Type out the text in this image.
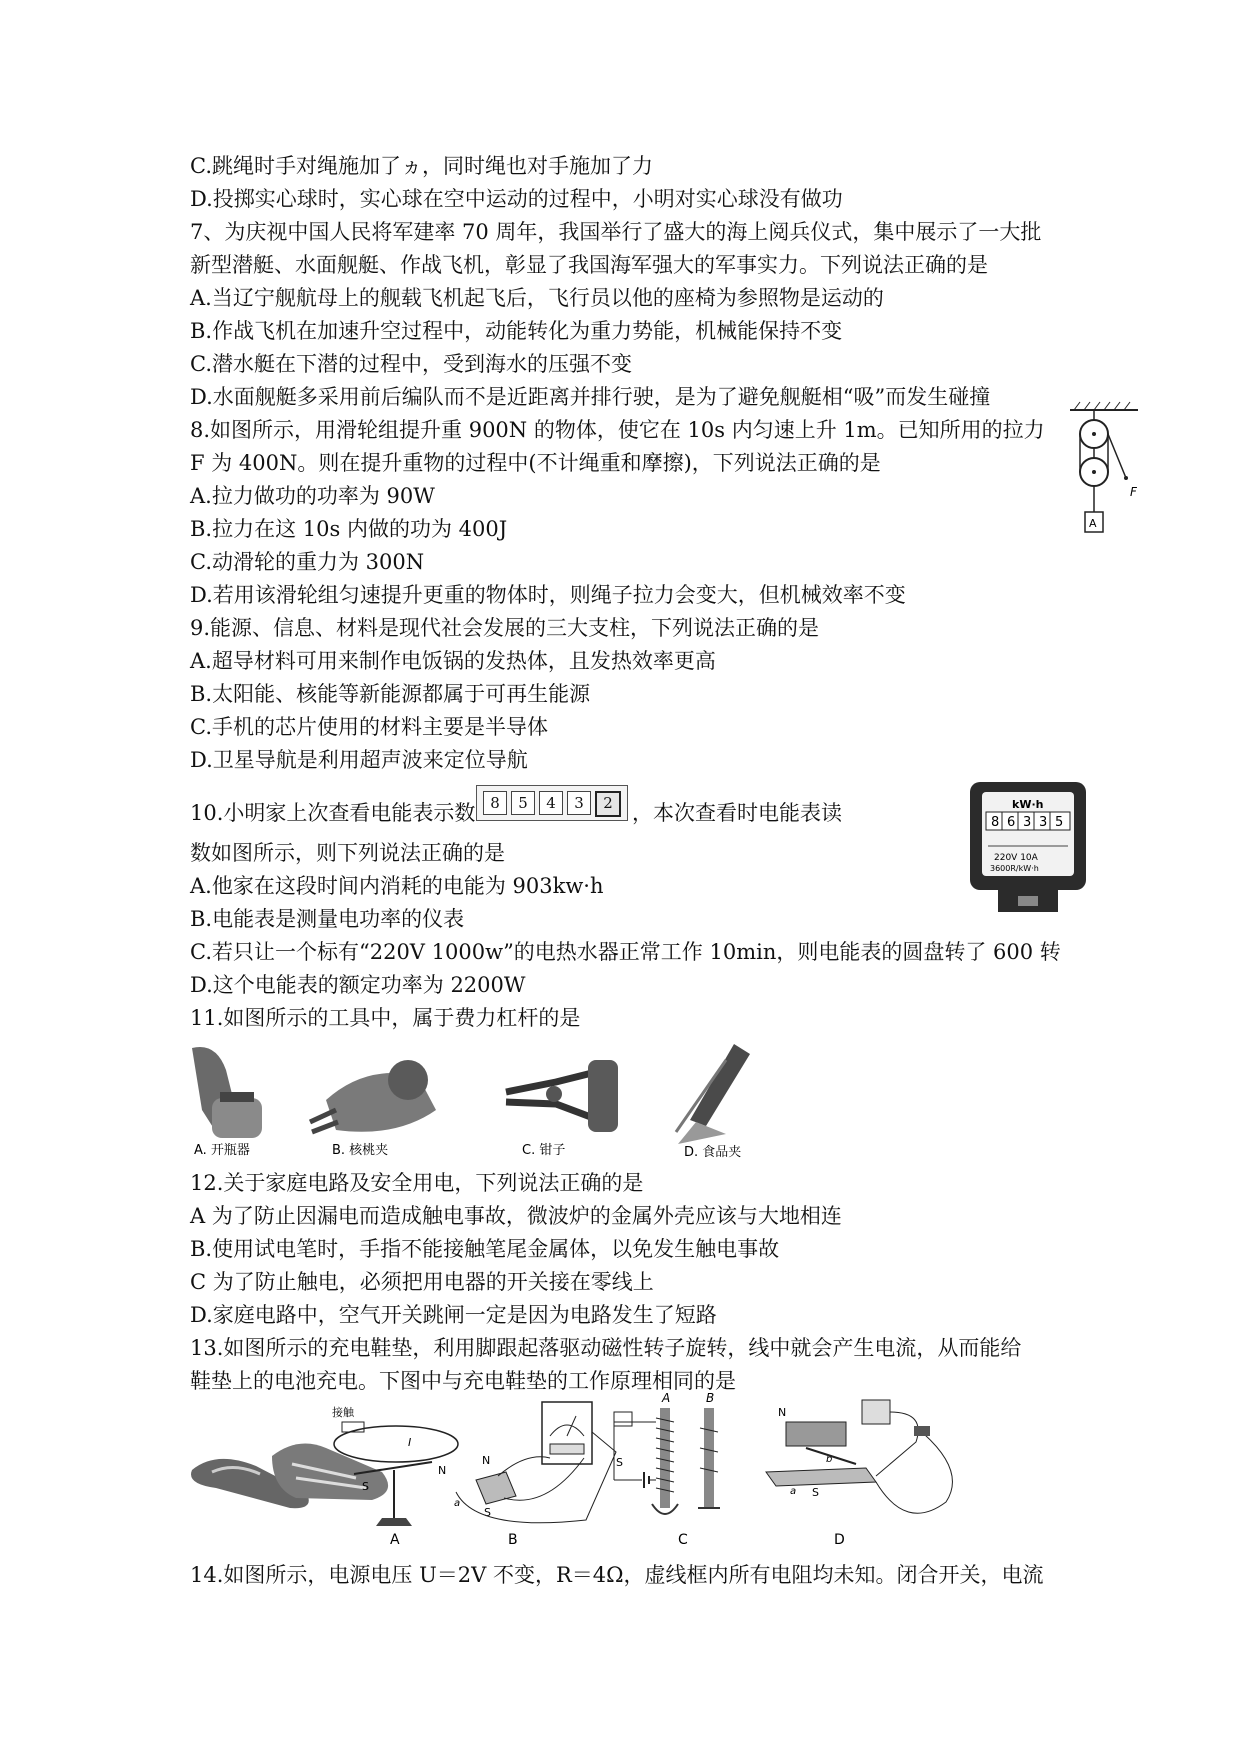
C.跳绳时手对绳施加了ヵ，同时绳也对手施加了力
D.投掷实心球时，实心球在空中运动的过程中，小明对实心球没有做功
7、为庆视中国人民将军建率 70 周年，我国举行了盛大的海上阅兵仪式，集中展示了一大批
新型潜艇、水面舰艇、作战飞机，彰显了我国海军强大的军事实力。下列说法正确的是
A.当辽宁舰航母上的舰载飞机起飞后，飞行员以他的座椅为参照物是运动的
B.作战飞机在加速升空过程中，动能转化为重力势能，机械能保持不变
C.潜水艇在下潜的过程中，受到海水的压强不变
D.水面舰艇多采用前后编队而不是近距离并排行驶，是为了避免舰艇相“吸”而发生碰撞
8.如图所示，用滑轮组提升重 900N 的物体，使它在 10s 内匀速上升 1m。已知所用的拉力
F 为 400N。则在提升重物的过程中(不计绳重和摩擦)，下列说法正确的是
A.拉力做功的功率为 90W
B.拉力在这 10s 内做的功为 400J
C.动滑轮的重力为 300N
D.若用该滑轮组匀速提升更重的物体时，则绳子拉力会变大，但机械效率不变
9.能源、信息、材料是现代社会发展的三大支柱，下列说法正确的是
A.超导材料可用来制作电饭锅的发热体，且发热效率更高
B.太阳能、核能等新能源都属于可再生能源
C.手机的芯片使用的材料主要是半导体
D.卫星导航是利用超声波来定位导航
10.小明家上次查看电能表示数	，本次查看时电能表读
数如图所示，则下列说法正确的是
A.他家在这段时间内消耗的电能为 903kw·h
B.电能表是测量电功率的仪表
C.若只让一个标有“220V 1000w”的电热水器正常工作 10min，则电能表的圆盘转了 600 转
D.这个电能表的额定功率为 2200W
11.如图所示的工具中，属于费力杠杆的是
12.关于家庭电路及安全用电，下列说法正确的是
A 为了防止因漏电而造成触电事故，微波炉的金属外壳应该与大地相连
B.使用试电笔时，手指不能接触笔尾金属体，以免发生触电事故
C 为了防止触电，必须把用电器的开关接在零线上
D.家庭电路中，空气开关跳闸一定是因为电路发生了短路
13.如图所示的充电鞋垫，利用脚跟起落驱动磁性转子旋转，线中就会产生电流，从而能给
鞋垫上的电池充电。下图中与充电鞋垫的工作原理相同的是
14.如图所示，电源电压 U＝2V 不变，R＝4Ω，虚线框内所有电阻均未知。闭合开关，电流
F
A
8	5	4	3	2	kW·h
8 6 3 3 5
220V 10A
3600R/kW·h
A. 开瓶器	B. 核桃夹	C. 钳子	D. 食品夹
接触
I
S
N
A
N
a
S
B
A	B
S
C
N
b
a S
D
